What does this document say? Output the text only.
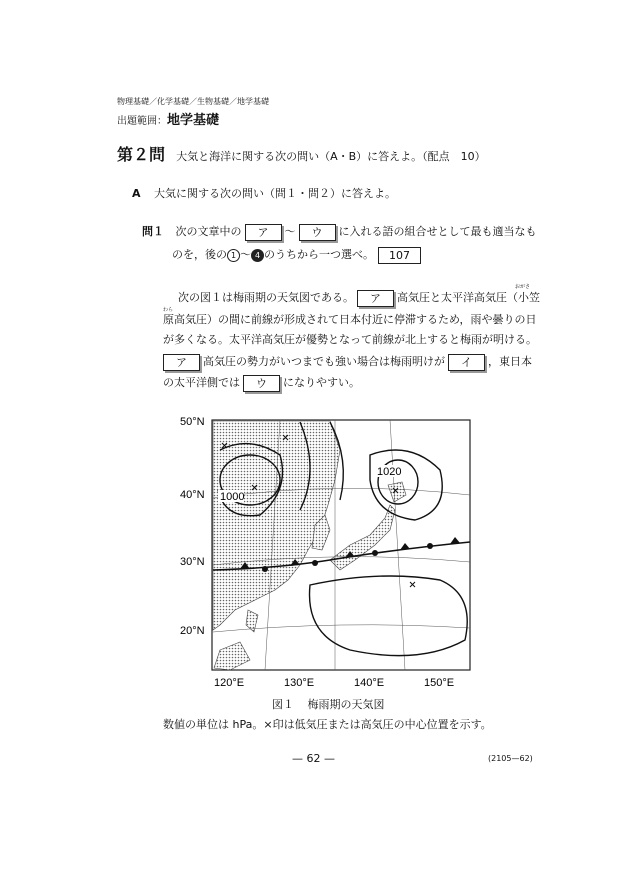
物理基礎／化学基礎／生物基礎／地学基礎
出題範囲：地学基礎
第２問 大気と海洋に関する次の問い（A・B）に答えよ。（配点　10）
A 大気に関する次の問い（問１・問２）に答えよ。
問１ 次の文章中の ア 〜 ウ に入れる語の組合せとして最も適当なも
のを，後の 1 〜 4 のうちから一つ選べ。 107
次の図１は梅雨期の天気図である。 ア 高気圧と太平洋高気圧（小笠
おがさ
わら
原高気圧）の間に前線が形成されて日本付近に停滞するため，雨や曇りの日
が多くなる。太平洋高気圧が優勢となって前線が北上すると梅雨が明ける。
ア 高気圧の勢力がいつまでも強い場合は梅雨明けが イ ，東日本
の太平洋側では ウ になりやすい。
1020
1000
50°N
40°N
30°N
20°N
120°E	130°E	140°E	150°E
図１ 梅雨期の天気図
数値の単位は hPa。×印は低気圧または高気圧の中心位置を示す。
— 62 —	(2105—62)
